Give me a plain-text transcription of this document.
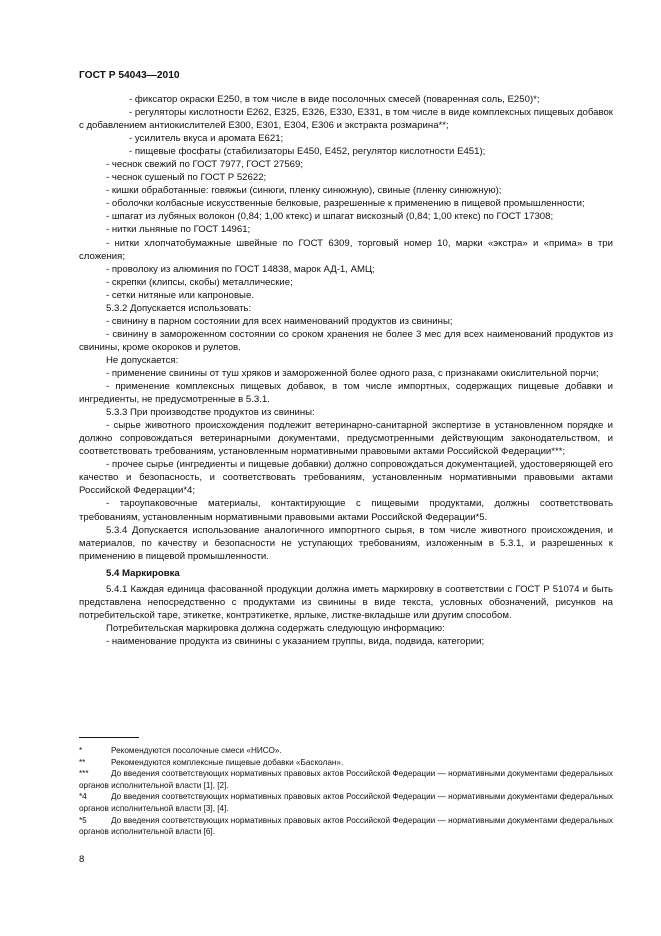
ГОСТ Р 54043—2010

- фиксатор окраски Е250, в том числе в виде посолочных смесей (поваренная соль, Е250)*;

- регуляторы кислотности Е262, Е325, Е326, Е330, Е331, в том числе в виде комплексных пищевых добавок с добавлением антиокислителей Е300, Е301, Е304, Е306 и экстракта розмарина**;

- усилитель вкуса и аромата Е621;

- пищевые фосфаты (стабилизаторы Е450, Е452, регулятор кислотности Е451);

- чеснок свежий по ГОСТ 7977, ГОСТ 27569;

- чеснок сушеный по ГОСТ Р 52622;

- кишки обработанные: говяжьи (синюги, пленку синюжную), свиные (пленку синюжную);

- оболочки колбасные искусственные белковые, разрешенные к применению в пищевой промышленности;

- шпагат из лубяных волокон (0,84; 1,00 ктекс) и шпагат вискозный (0,84; 1,00 ктекс) по ГОСТ 17308;

- нитки льняные по ГОСТ 14961;

- нитки хлопчатобумажные швейные по ГОСТ 6309, торговый номер 10, марки «экстра» и «прима» в три сложения;

- проволоку из алюминия по ГОСТ 14838, марок АД-1, АМЦ;

- скрепки (клипсы, скобы) металлические;

- сетки нитяные или капроновые.

5.3.2 Допускается использовать:

- свинину в парном состоянии для всех наименований продуктов из свинины;

- свинину в замороженном состоянии со сроком хранения не более 3 мес для всех наименований продуктов из свинины, кроме окороков и рулетов.

Не допускается:

- применение свинины от туш хряков и замороженной более одного раза, с признаками окислительной порчи;

- применение комплексных пищевых добавок, в том числе импортных, содержащих пищевые добавки и ингредиенты, не предусмотренные в 5.3.1.

5.3.3 При производстве продуктов из свинины:

- сырье животного происхождения подлежит ветеринарно-санитарной экспертизе в установленном порядке и должно сопровождаться ветеринарными документами, предусмотренными действующим законодательством, и соответствовать требованиям, установленным нормативными правовыми актами Российской Федерации***;

- прочее сырье (ингредиенты и пищевые добавки) должно сопровождаться документацией, удостоверяющей его качество и безопасность, и соответствовать требованиям, установленным нормативными правовыми актами Российской Федерации*4;

- тароупаковочные материалы, контактирующие с пищевыми продуктами, должны соответствовать требованиям, установленным нормативными правовыми актами Российской Федерации*5.

5.3.4 Допускается использование аналогичного импортного сырья, в том числе животного происхождения, и материалов, по качеству и безопасности не уступающих требованиям, изложенным в 5.3.1, и разрешенных к применению в пищевой промышленности.

5.4 Маркировка

5.4.1 Каждая единица фасованной продукции должна иметь маркировку в соответствии с ГОСТ Р 51074 и быть представлена непосредственно с продуктами из свинины в виде текста, условных обозначений, рисунков на потребительской таре, этикетке, контрэтикетке, ярлыке, листке-вкладыше или другим способом.

Потребительская маркировка должна содержать следующую информацию:

- наименование продукта из свинины с указанием группы, вида, подвида, категории;

*	Рекомендуются посолочные смеси «НИСО».

**	Рекомендуются комплексные пищевые добавки «Басколан».

***	До введения соответствующих нормативных правовых актов Российской Федерации — нормативными документами федеральных органов исполнительной власти [1], [2].

*4	До введения соответствующих нормативных правовых актов Российской Федерации — нормативными документами федеральных органов исполнительной власти [3], [4].

*5	До введения соответствующих нормативных правовых актов Российской Федерации — нормативными документами федеральных органов исполнительной власти [6].

8
